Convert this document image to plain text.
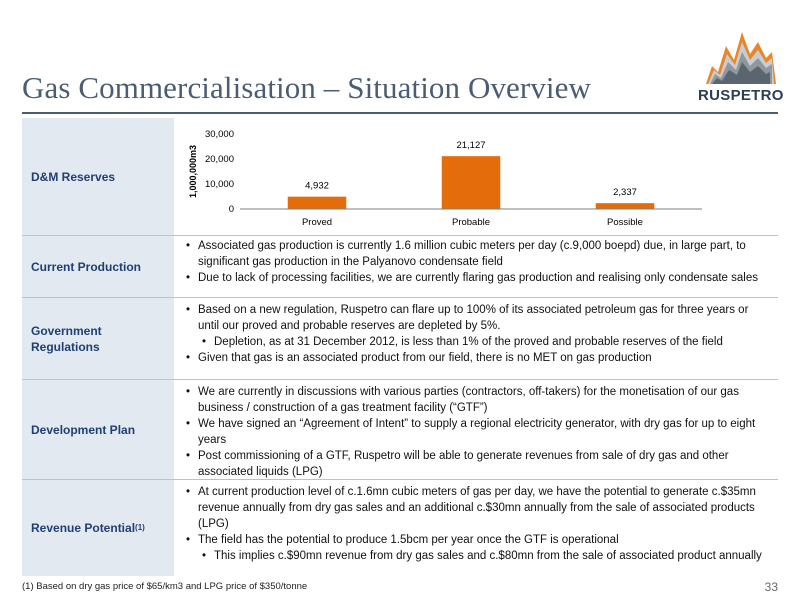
Gas Commercialisation – Situation Overview	RUSPETRO
D&M Reserves
0
10,000
20,000
30,000
4,932
Proved
21,127
Probable
2,337
Possible
1,000,000m3
Current Production
• Associated gas production is currently 1.6 million cubic meters per day (c.9,000 boepd) due, in large part, to significant gas production in the Palyanovo condensate field
• Due to lack of processing facilities, we are currently flaring gas production and realising only condensate sales
Government Regulations
• Based on a new regulation, Ruspetro can flare up to 100% of its associated petroleum gas for three years or until our proved and probable reserves are depleted by 5%.
• Depletion, as at 31 December 2012, is less than 1% of the proved and probable reserves of the field
• Given that gas is an associated product from our field, there is no MET on gas production
Development Plan
• We are currently in discussions with various parties (contractors, off-takers) for the monetisation of our gas business / construction of a gas treatment facility (“GTF”)
• We have signed an “Agreement of Intent” to supply a regional electricity generator, with dry gas for up to eight years
• Post commissioning of a GTF, Ruspetro will be able to generate revenues from sale of dry gas and other associated liquids (LPG)
Revenue Potential (1)
• At current production level of c.1.6mn cubic meters of gas per day, we have the potential to generate c.$35mn revenue annually from dry gas sales and an additional c.$30mn annually from the sale of associated products (LPG)
• The field has the potential to produce 1.5bcm per year once the GTF is operational
• This implies c.$90mn revenue from dry gas sales and c.$80mn from the sale of associated product annually
(1) Based on dry gas price of $65/km3 and LPG price of $350/tonne	33
